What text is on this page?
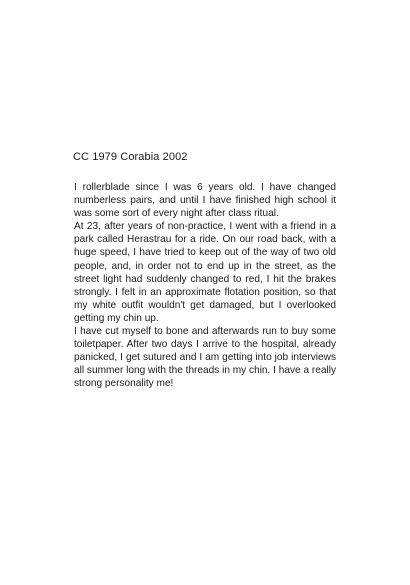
CC 1979 Corabia 2002

I rollerblade since I was 6 years old. I have changed numberless pairs, and until I have finished high school it was some sort of every night after class ritual.

At 23, after years of non-practice, I went with a friend in a park called Herastrau for a ride. On our road back, with a huge speed, I have tried to keep out of the way of two old people, and, in order not to end up in the street, as the street light had suddenly changed to red, I hit the brakes strongly. I felt in an approximate flotation position, so that my white outfit wouldn't get damaged, but I overlooked getting my chin up.

I have cut myself to bone and afterwards run to buy some toiletpaper. After two days I arrive to the hospital, already panicked, I get sutured and I am getting into job interviews all summer long with the threads in my chin. I have a really strong personality me!
